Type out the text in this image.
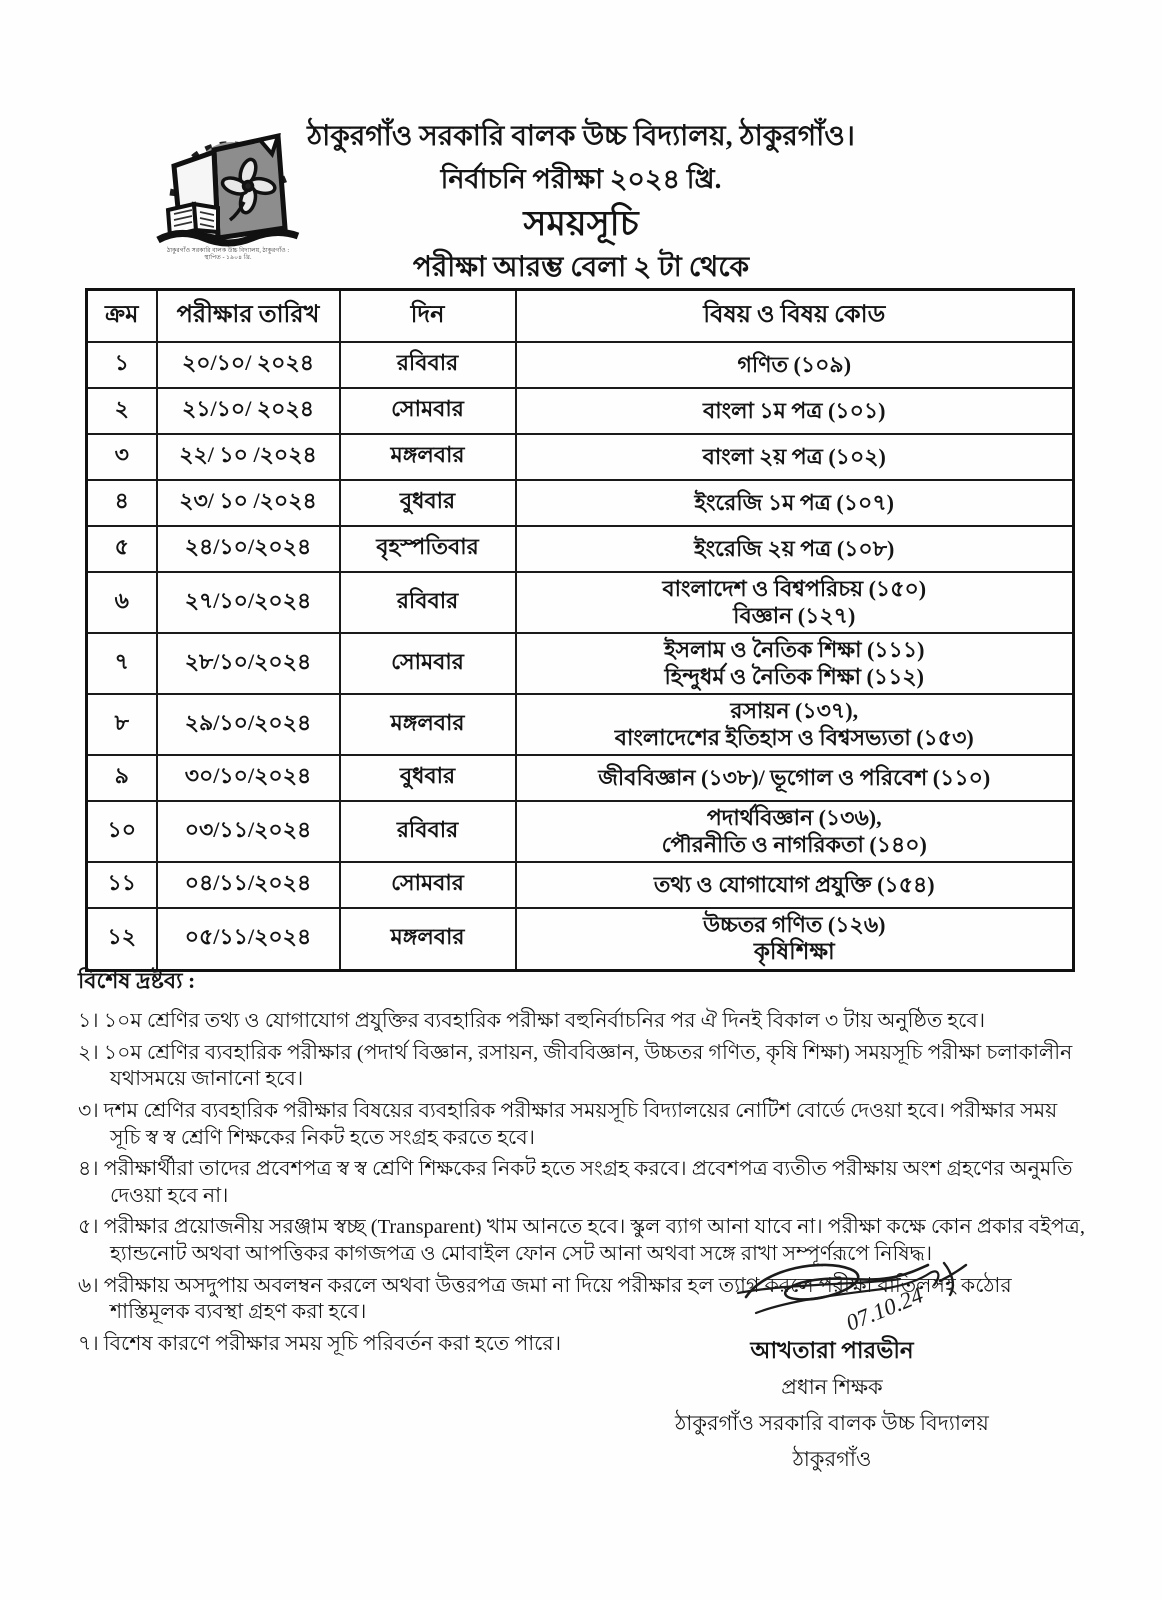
ঠাকুরগাঁও সরকারি বালক উচ্চ বিদ্যালয়, ঠাকুরগাঁও :
স্থাপিত - ১৯০৪ খ্রি.
ঠাকুরগাঁও সরকারি বালক উচ্চ বিদ্যালয়, ঠাকুরগাঁও।
নির্বাচনি পরীক্ষা ২০২৪ খ্রি.
সময়সূচি
পরীক্ষা আরম্ভ বেলা ২ টা থেকে
ক্রম	পরীক্ষার তারিখ	দিন	বিষয় ও বিষয় কোড
১	২০/১০/ ২০২৪	রবিবার	গণিত (১০৯)

২	২১/১০/ ২০২৪	সোমবার	বাংলা ১ম পত্র (১০১)

৩	২২/ ১০ /২০২৪	মঙ্গলবার	বাংলা ২য় পত্র (১০২)

৪	২৩/ ১০ /২০২৪	বুধবার	ইংরেজি ১ম পত্র (১০৭)

৫	২৪/১০/২০২৪	বৃহস্পতিবার	ইংরেজি ২য় পত্র (১০৮)

৬	২৭/১০/২০২৪	রবিবার	বাংলাদেশ ও বিশ্বপরিচয় (১৫০)
বিজ্ঞান (১২৭)

৭	২৮/১০/২০২৪	সোমবার	ইসলাম ও নৈতিক শিক্ষা (১১১)
হিন্দুধর্ম ও নৈতিক শিক্ষা (১১২)

৮	২৯/১০/২০২৪	মঙ্গলবার	রসায়ন (১৩৭),
বাংলাদেশের ইতিহাস ও বিশ্বসভ্যতা (১৫৩)

৯	৩০/১০/২০২৪	বুধবার	জীববিজ্ঞান (১৩৮)/ ভূগোল ও পরিবেশ (১১০)

১০	০৩/১১/২০২৪	রবিবার	পদার্থবিজ্ঞান (১৩৬),
পৌরনীতি ও নাগরিকতা (১৪০)

১১	০৪/১১/২০২৪	সোমবার	তথ্য ও যোগাযোগ প্রযুক্তি (১৫৪)

১২	০৫/১১/২০২৪	মঙ্গলবার	উচ্চতর গণিত (১২৬)
কৃষিশিক্ষা
বিশেষ দ্রষ্টব্য :
১। ১০ম শ্রেণির তথ্য ও যোগাযোগ প্রযুক্তির ব্যবহারিক পরীক্ষা বহুনির্বাচনির পর ঐ দিনই বিকাল ৩ টায় অনুষ্ঠিত হবে।
২। ১০ম শ্রেণির ব্যবহারিক পরীক্ষার (পদার্থ বিজ্ঞান, রসায়ন, জীববিজ্ঞান, উচ্চতর গণিত, কৃষি শিক্ষা) সময়সূচি পরীক্ষা চলাকালীন যথাসময়ে জানানো হবে।
৩। দশম শ্রেণির ব্যবহারিক পরীক্ষার বিষয়ের ব্যবহারিক পরীক্ষার সময়সূচি বিদ্যালয়ের নোটিশ বোর্ডে দেওয়া হবে। পরীক্ষার সময় সূচি স্ব স্ব শ্রেণি শিক্ষকের নিকট হতে সংগ্রহ করতে হবে।
৪। পরীক্ষার্থীরা তাদের প্রবেশপত্র স্ব স্ব শ্রেণি শিক্ষকের নিকট হতে সংগ্রহ করবে। প্রবেশপত্র ব্যতীত পরীক্ষায় অংশ গ্রহণের অনুমতি দেওয়া হবে না।
৫। পরীক্ষার প্রয়োজনীয় সরঞ্জাম স্বচ্ছ (Transparent) খাম আনতে হবে। স্কুল ব্যাগ আনা যাবে না। পরীক্ষা কক্ষে কোন প্রকার বইপত্র, হ্যান্ডনোট অথবা আপত্তিকর কাগজপত্র ও মোবাইল ফোন সেট আনা অথবা সঙ্গে রাখা সম্পূর্ণরূপে নিষিদ্ধ।
৬। পরীক্ষায় অসদুপায় অবলম্বন করলে অথবা উত্তরপত্র জমা না দিয়ে পরীক্ষার হল ত্যাগ করলে পরীক্ষা বাতিলসহ কঠোর শাস্তিমূলক ব্যবস্থা গ্রহণ করা হবে।
৭। বিশেষ কারণে পরীক্ষার সময় সূচি পরিবর্তন করা হতে পারে।
07.10.24
আখতারা পারভীন
প্রধান শিক্ষক
ঠাকুরগাঁও সরকারি বালক উচ্চ বিদ্যালয়
ঠাকুরগাঁও
